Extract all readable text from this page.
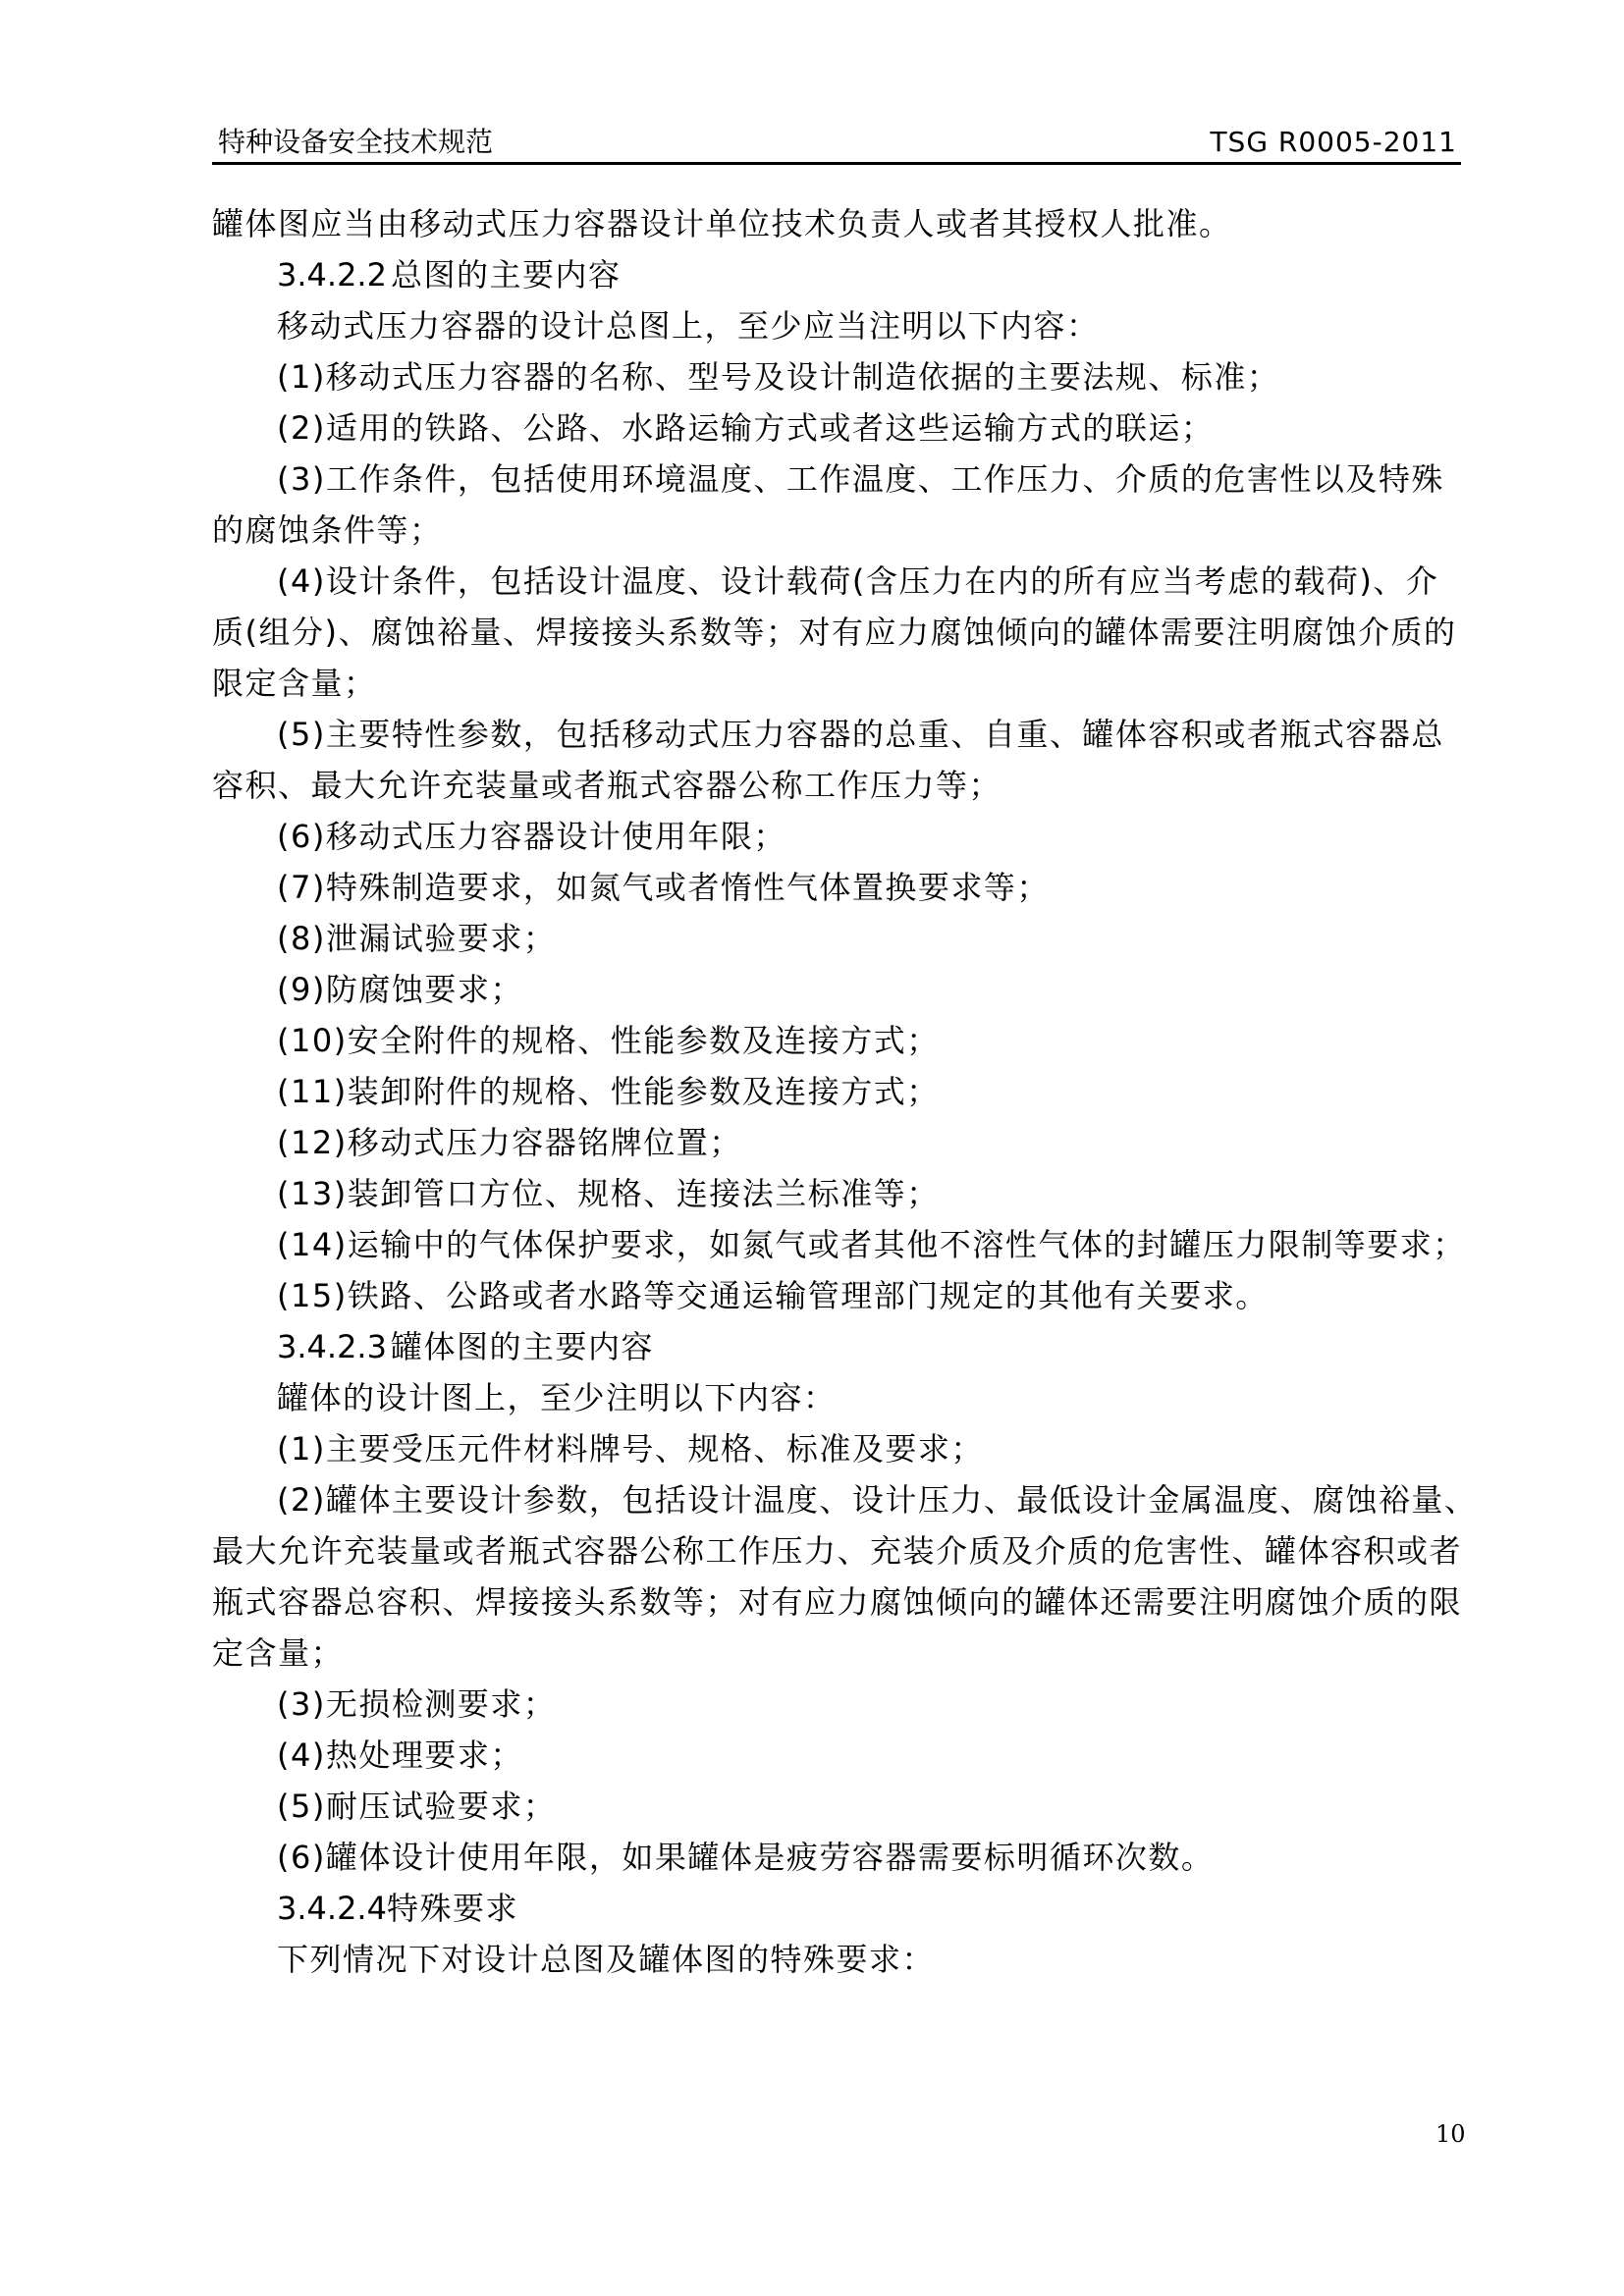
特种设备安全技术规范	TSG R0005-2011
罐体图应当由移动式压力容器设计单位技术负责人或者其授权人批准。
3.4.2.2 总图的主要内容
移动式压力容器的设计总图上，至少应当注明以下内容：
(1)移动式压力容器的名称、型号及设计制造依据的主要法规、标准；
(2)适用的铁路、公路、水路运输方式或者这些运输方式的联运；
(3)工作条件，包括使用环境温度、工作温度、工作压力、介质的危害性以及特殊
的腐蚀条件等；
(4)设计条件，包括设计温度、设计载荷(含压力在内的所有应当考虑的载荷)、介
质(组分)、腐蚀裕量、焊接接头系数等；对有应力腐蚀倾向的罐体需要注明腐蚀介质的
限定含量；
(5)主要特性参数，包括移动式压力容器的总重、自重、罐体容积或者瓶式容器总
容积、最大允许充装量或者瓶式容器公称工作压力等；
(6)移动式压力容器设计使用年限；
(7)特殊制造要求，如氮气或者惰性气体置换要求等；
(8)泄漏试验要求；
(9)防腐蚀要求；
(10)安全附件的规格、性能参数及连接方式；
(11)装卸附件的规格、性能参数及连接方式；
(12)移动式压力容器铭牌位置；
(13)装卸管口方位、规格、连接法兰标准等；
(14)运输中的气体保护要求，如氮气或者其他不溶性气体的封罐压力限制等要求；
(15)铁路、公路或者水路等交通运输管理部门规定的其他有关要求。
3.4.2.3 罐体图的主要内容
罐体的设计图上，至少注明以下内容：
(1)主要受压元件材料牌号、规格、标准及要求；
(2)罐体主要设计参数，包括设计温度、设计压力、最低设计金属温度、腐蚀裕量、
最大允许充装量或者瓶式容器公称工作压力、充装介质及介质的危害性、罐体容积或者
瓶式容器总容积、焊接接头系数等；对有应力腐蚀倾向的罐体还需要注明腐蚀介质的限
定含量；
(3)无损检测要求；
(4)热处理要求；
(5)耐压试验要求；
(6)罐体设计使用年限，如果罐体是疲劳容器需要标明循环次数。
3.4.2.4特殊要求
下列情况下对设计总图及罐体图的特殊要求：
10
